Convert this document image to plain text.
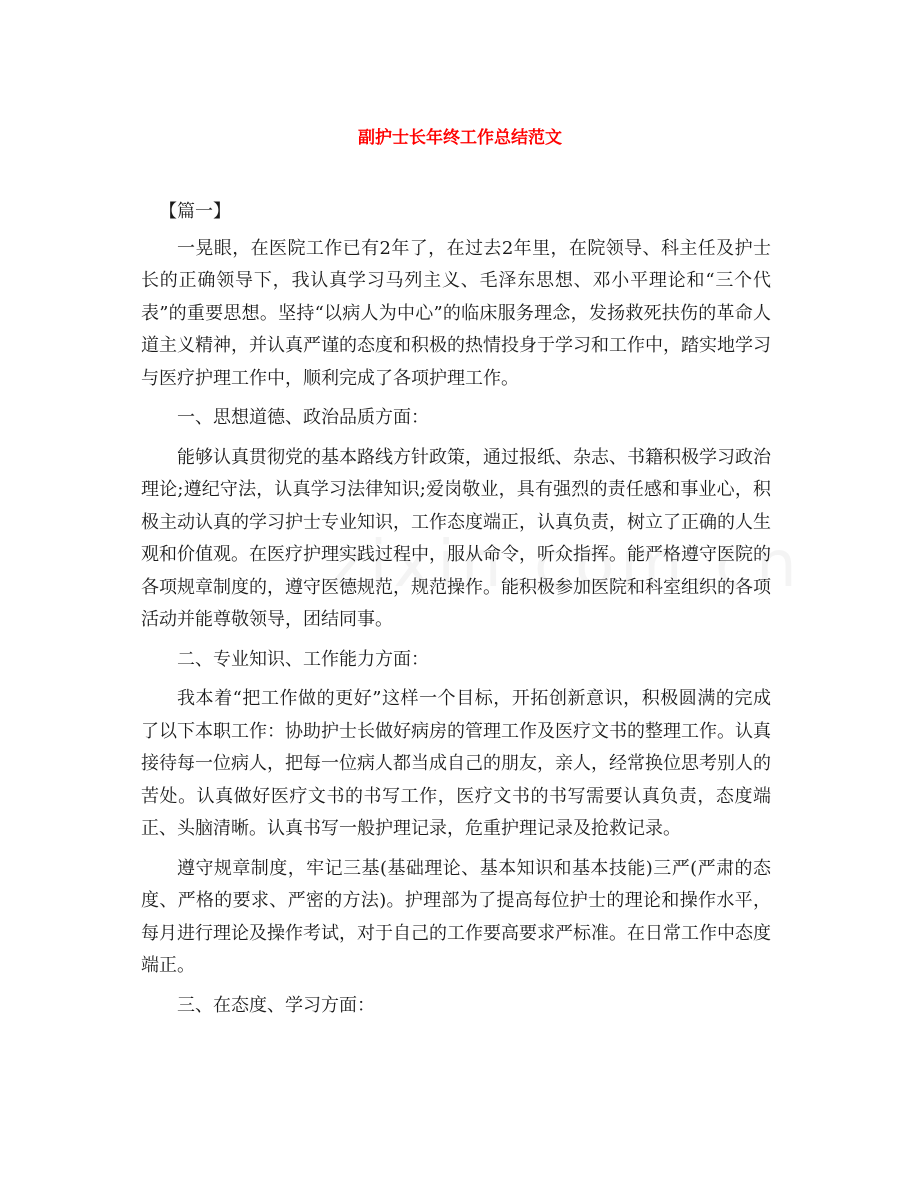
副护士长年终工作总结范文

【篇一】

一晃眼，在医院工作已有2年了，在过去2年里，在院领导、科主任及护士长的正确领导下，我认真学习马列主义、毛泽东思想、邓小平理论和“三个代表”的重要思想。坚持“以病人为中心”的临床服务理念，发扬救死扶伤的革命人道主义精神，并认真严谨的态度和积极的热情投身于学习和工作中，踏实地学习与医疗护理工作中，顺利完成了各项护理工作。

一、思想道德、政治品质方面：

能够认真贯彻党的基本路线方针政策，通过报纸、杂志、书籍积极学习政治理论;遵纪守法，认真学习法律知识;爱岗敬业，具有强烈的责任感和事业心，积极主动认真的学习护士专业知识，工作态度端正，认真负责，树立了正确的人生观和价值观。在医疗护理实践过程中，服从命令，听众指挥。能严格遵守医院的各项规章制度的，遵守医德规范，规范操作。能积极参加医院和科室组织的各项活动并能尊敬领导，团结同事。

二、专业知识、工作能力方面：

我本着“把工作做的更好”这样一个目标，开拓创新意识，积极圆满的完成了以下本职工作：协助护士长做好病房的管理工作及医疗文书的整理工作。认真接待每一位病人，把每一位病人都当成自己的朋友，亲人，经常换位思考别人的苦处。认真做好医疗文书的书写工作，医疗文书的书写需要认真负责，态度端正、头脑清晰。认真书写一般护理记录，危重护理记录及抢救记录。

遵守规章制度，牢记三基(基础理论、基本知识和基本技能)三严(严肃的态度、严格的要求、严密的方法)。护理部为了提高每位护士的理论和操作水平，每月进行理论及操作考试，对于自己的工作要高要求严标准。在日常工作中态度端正。

三、在态度、学习方面：
